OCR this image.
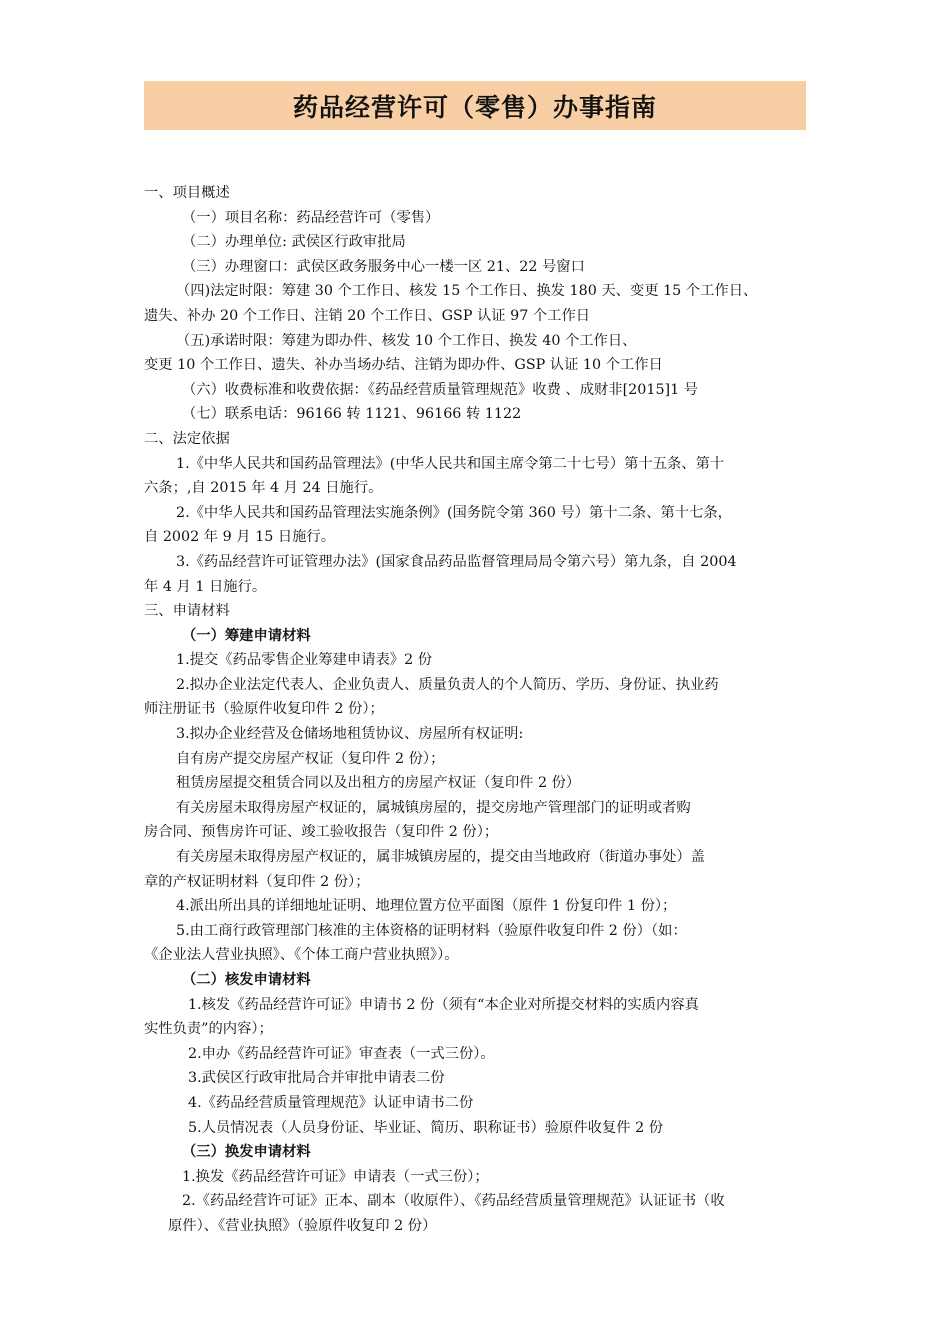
药品经营许可（零售）办事指南
一、项目概述
（一）项目名称：药品经营许可（零售）
（二）办理单位: 武侯区行政审批局
（三）办理窗口：武侯区政务服务中心一楼一区 21、22 号窗口
（四)法定时限：筹建 30 个工作日、核发 15 个工作日、换发 180 天、变更 15 个工作日、
遗失、补办 20 个工作日、注销 20 个工作日、GSP 认证 97 个工作日
（五)承诺时限：筹建为即办件、核发 10 个工作日、换发 40 个工作日、
变更 10 个工作日、遗失、补办当场办结、注销为即办件、GSP 认证 10 个工作日
（六）收费标准和收费依据：《药品经营质量管理规范》收费 、成财非[2015]1 号
（七）联系电话：96166 转 1121、96166 转 1122
二、法定依据
1.《中华人民共和国药品管理法》(中华人民共和国主席令第二十七号）第十五条、第十
六条；,自 2015 年 4 月 24 日施行。
2.《中华人民共和国药品管理法实施条例》(国务院令第 360 号）第十二条、第十七条，
自 2002 年 9 月 15 日施行。
3.《药品经营许可证管理办法》(国家食品药品监督管理局局令第六号）第九条，自 2004
年 4 月 1 日施行。
三、申请材料
（一）筹建申请材料
1.提交《药品零售企业筹建申请表》2 份
2.拟办企业法定代表人、企业负责人、质量负责人的个人简历、学历、身份证、执业药
师注册证书（验原件收复印件 2 份）；
3.拟办企业经营及仓储场地租赁协议、房屋所有权证明:
自有房产提交房屋产权证（复印件 2 份）；
租赁房屋提交租赁合同以及出租方的房屋产权证（复印件 2 份）
有关房屋未取得房屋产权证的，属城镇房屋的，提交房地产管理部门的证明或者购
房合同、预售房许可证、竣工验收报告（复印件 2 份）；
有关房屋未取得房屋产权证的，属非城镇房屋的，提交由当地政府（街道办事处）盖
章的产权证明材料（复印件 2 份）；
4.派出所出具的详细地址证明、地理位置方位平面图（原件 1 份复印件 1 份）；
5.由工商行政管理部门核准的主体资格的证明材料（验原件收复印件 2 份）（如：
《企业法人营业执照》、《个体工商户营业执照》）。
（二）核发申请材料
1.核发《药品经营许可证》申请书 2 份（须有“本企业对所提交材料的实质内容真
实性负责”的内容）；
2.申办《药品经营许可证》审查表（一式三份）。
3.武侯区行政审批局合并审批申请表二份
4.《药品经营质量管理规范》认证申请书二份
5.人员情况表（人员身份证、毕业证、简历、职称证书）验原件收复件 2 份
（三）换发申请材料
1.换发《药品经营许可证》申请表（一式三份）；
2.《药品经营许可证》正本、副本（收原件）、《药品经营质量管理规范》认证证书（收
原件）、《营业执照》（验原件收复印 2 份）
